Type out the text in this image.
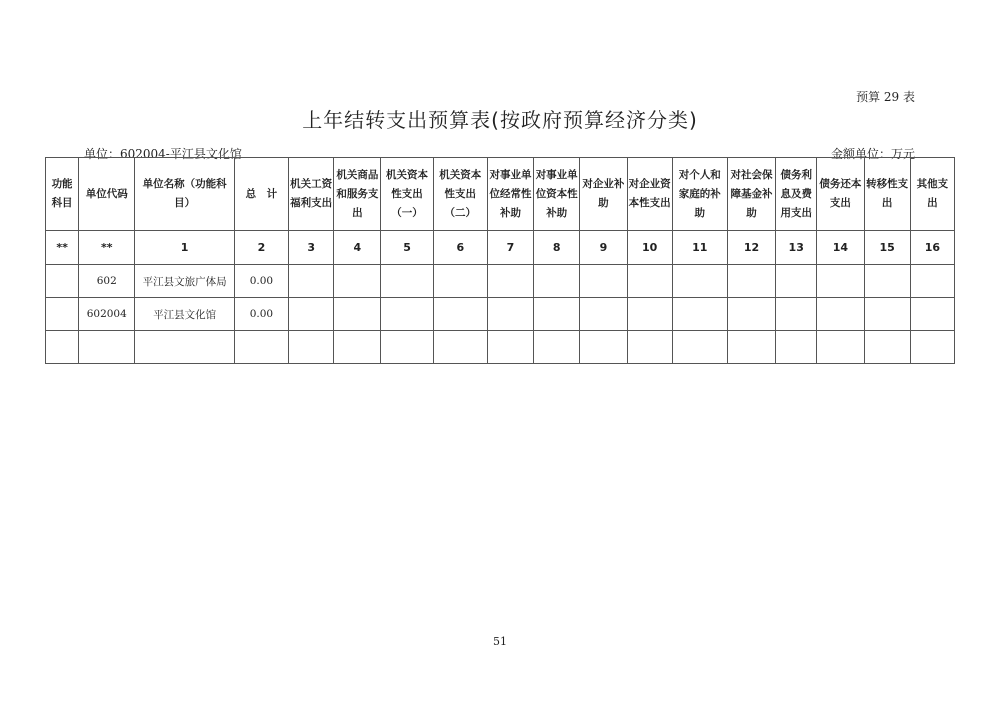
预算 29 表
上年结转支出预算表(按政府预算经济分类)
单位：602004-平江县文化馆	金额单位：万元
功能科目	单位代码	单位名称（功能科目）	总　计	机关工资福利支出	机关商品和服务支出	机关资本性支出（一）	机关资本性支出（二）	对事业单位经常性补助	对事业单位资本性补助	对企业补助	对企业资本性支出	对个人和家庭的补助	对社会保障基金补助	债务利息及费用支出	债务还本支出	转移性支出	其他支出
**	**	1	2	3	4	5	6	7	8	9	10	11	12	13	14	15	16
	602	平江县文旅广体局	0.00														
	602004	平江县文化馆	0.00														

51
